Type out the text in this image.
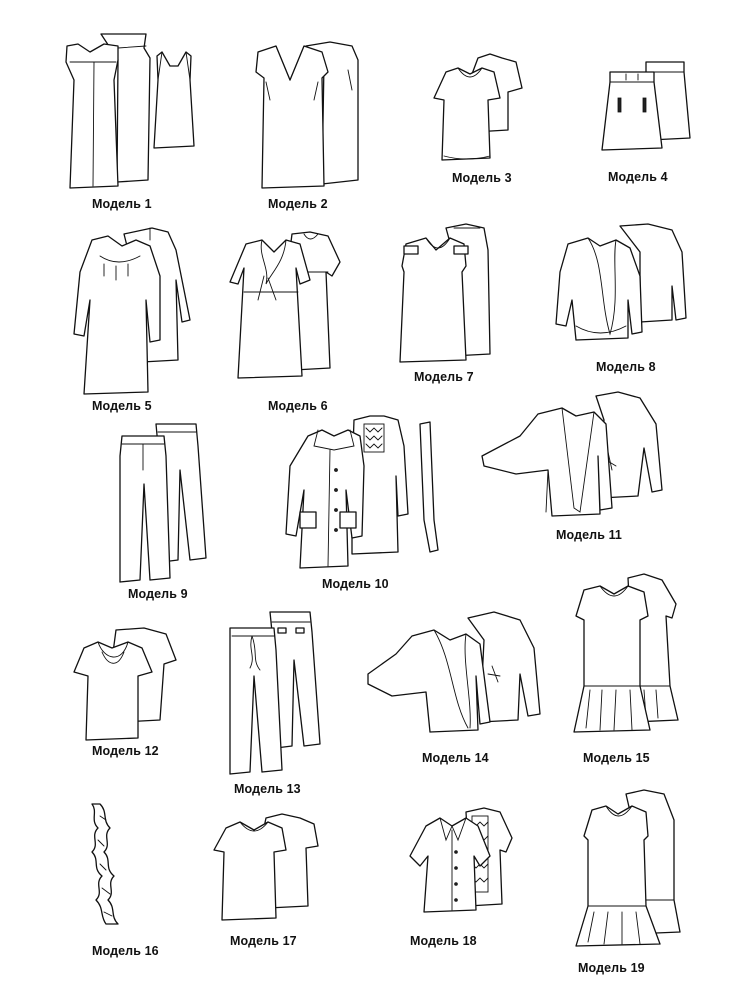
Модель 1	Модель 2
Модель 3	Модель 4
Модель 5	Модель 6
Модель 7
Модель 8
Модель 9
Модель 10
Модель 11
Модель 12
Модель 13
Модель 14	Модель 15
Модель 16
Модель 17	Модель 18
Модель 19
